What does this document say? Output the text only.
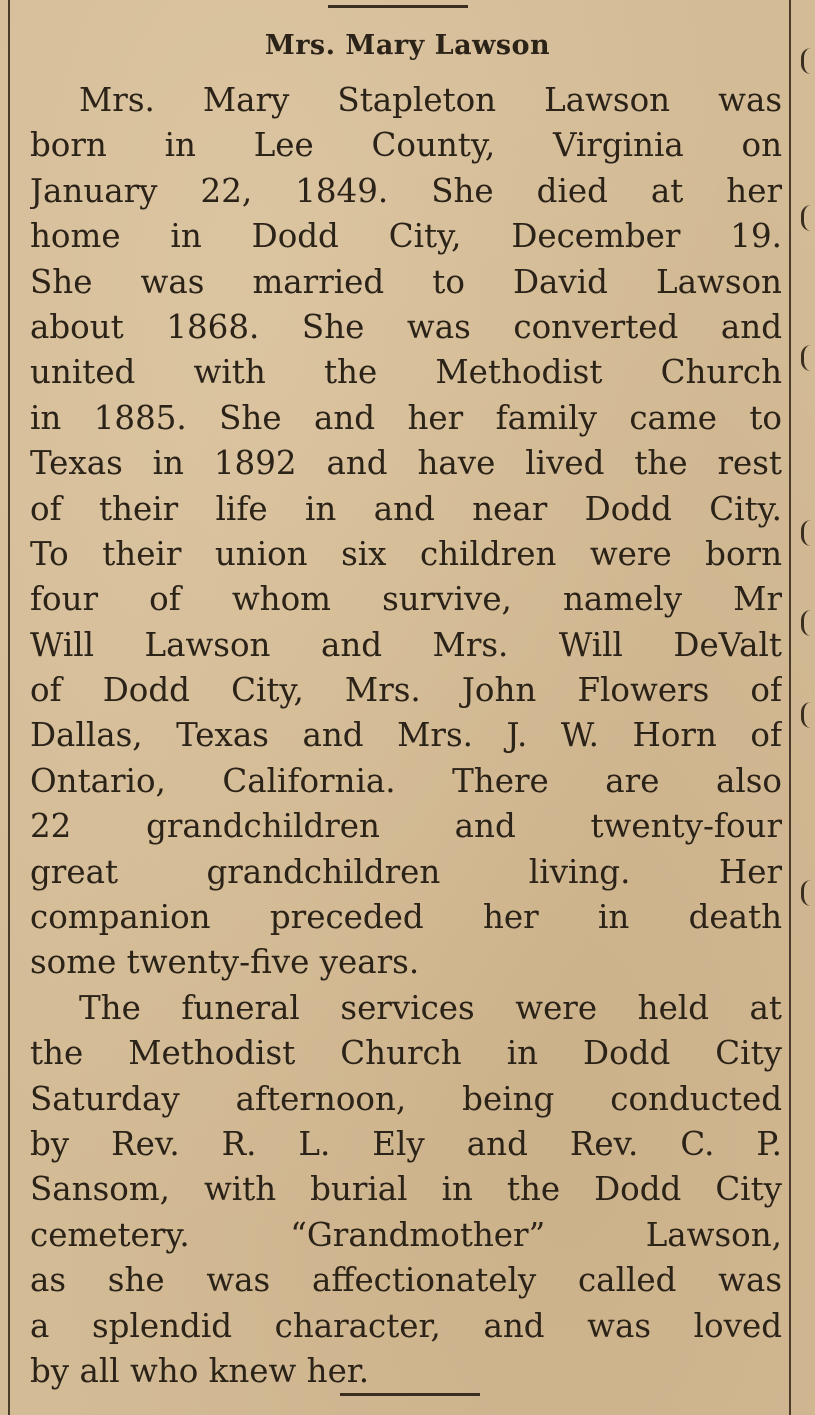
Mrs. Mary Lawson
Mrs. Mary Stapleton Lawson was
born in Lee County, Virginia on
January 22, 1849. She died at her
home in Dodd City, December 19.
She was married to David Lawson
about 1868. She was converted and
united with the Methodist Church
in 1885. She and her family came to
Texas in 1892 and have lived the rest
of their life in and near Dodd City.
To their union six children were born
four of whom survive, namely Mr
Will Lawson and Mrs. Will DeValt
of Dodd City, Mrs. John Flowers of
Dallas, Texas and Mrs. J. W. Horn of
Ontario, California. There are also
22 grandchildren and twenty-four
great grandchildren living. Her
companion preceded her in death
some twenty-five years.
The funeral services were held at
the Methodist Church in Dodd City
Saturday afternoon, being conducted
by Rev. R. L. Ely and Rev. C. P.
Sansom, with burial in the Dodd City
cemetery. “Grandmother” Lawson,
as she was affectionately called was
a splendid character, and was loved
by all who knew her.
